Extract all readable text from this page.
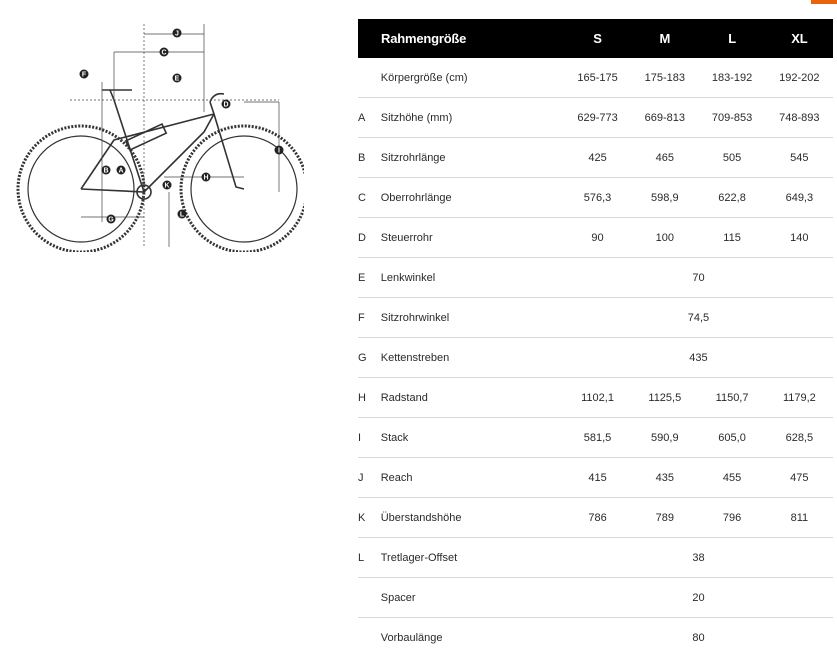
A
B
C
D
E
F
G
H
I
J
K
L
Rahmengröße		S	M	L	XL
	Körpergröße (cm)	165-175	175-183	183-192	192-202
A	Sitzhöhe (mm)	629-773	669-813	709-853	748-893
B	Sitzrohrlänge	425	465	505	545
C	Oberrohrlänge	576,3	598,9	622,8	649,3
D	Steuerrohr	90	100	115	140
E	Lenkwinkel	70			
F	Sitzrohrwinkel	74,5			
G	Kettenstreben	435			
H	Radstand	1102,1	1125,5	1150,7	1179,2
I	Stack	581,5	590,9	605,0	628,5
J	Reach	415	435	455	475
K	Überstandshöhe	786	789	796	811
L	Tretlager-Offset	38			
	Spacer	20			
	Vorbaulänge	80			
